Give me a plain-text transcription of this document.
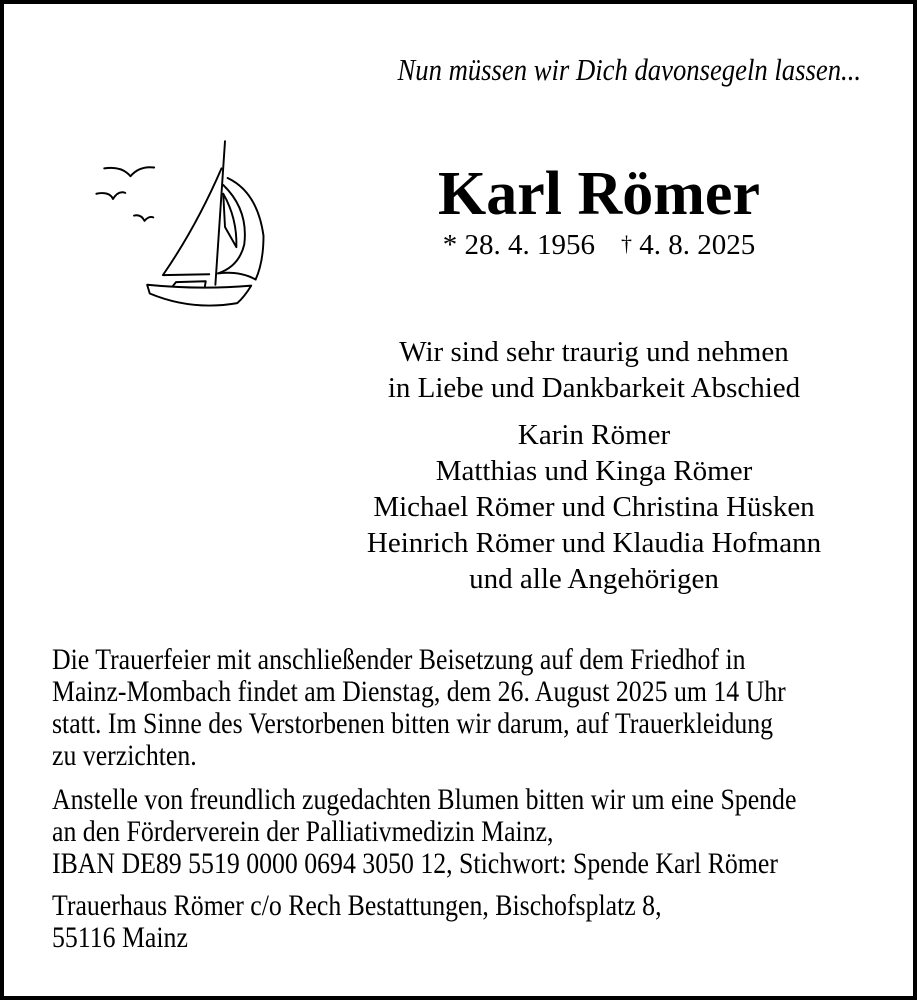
Nun müssen wir Dich davonsegeln lassen...
Karl Römer
* 28. 4. 1956 † 4. 8. 2025
Wir sind sehr traurig und nehmen
in Liebe und Dankbarkeit Abschied
Karin Römer
Matthias und Kinga Römer
Michael Römer und Christina Hüsken
Heinrich Römer und Klaudia Hofmann
und alle Angehörigen
Die Trauerfeier mit anschließender Beisetzung auf dem Friedhof in
Mainz-Mombach findet am Dienstag, dem 26. August 2025 um 14 Uhr
statt. Im Sinne des Verstorbenen bitten wir darum, auf Trauerkleidung
zu verzichten.
Anstelle von freundlich zugedachten Blumen bitten wir um eine Spende
an den Förderverein der Palliativmedizin Mainz,
IBAN DE89 5519 0000 0694 3050 12, Stichwort: Spende Karl Römer
Trauerhaus Römer c/o Rech Bestattungen, Bischofsplatz 8,
55116 Mainz
